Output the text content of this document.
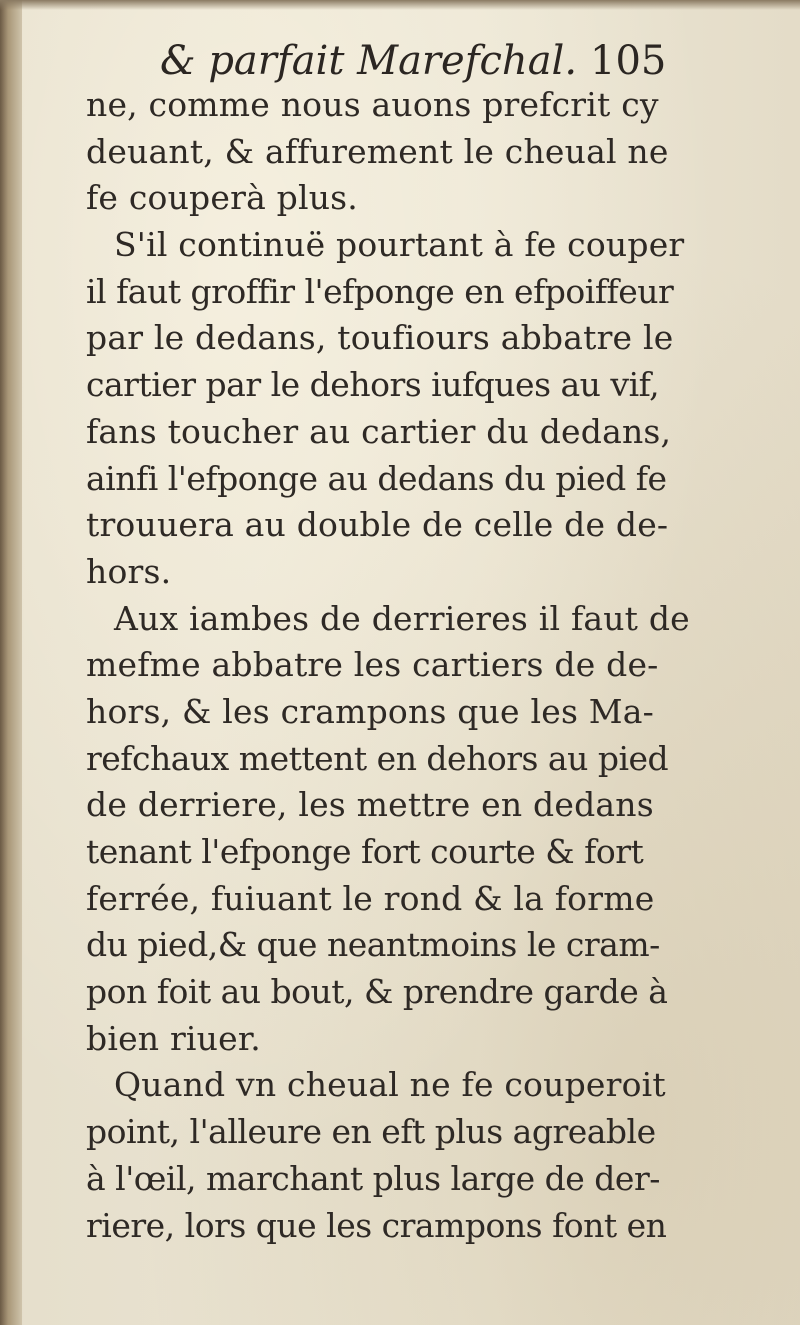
& parfait Marefchal. 105
ne, comme nous auons prefcrit cy
deuant, & affurement le cheual ne
fe couperà plus.
S'il continuë pourtant à fe couper
il faut groffir l'efponge en efpoiffeur
par le dedans, toufiours abbatre le
cartier par le dehors iufques au vif,
fans toucher au cartier du dedans,
ainfi l'efponge au dedans du pied fe
trouuera au double de celle de de-
hors.
Aux iambes de derrieres il faut de
mefme abbatre les cartiers de de-
hors, & les crampons que les Ma-
refchaux mettent en dehors au pied
de derriere, les mettre en dedans
tenant l'efponge fort courte & fort
ferrée, fuiuant le rond & la forme
du pied,& que neantmoins le cram-
pon foit au bout, & prendre garde à
bien riuer.
Quand vn cheual ne fe couperoit
point, l'alleure en eft plus agreable
à l'œil, marchant plus large de der-
riere, lors que les crampons font en
